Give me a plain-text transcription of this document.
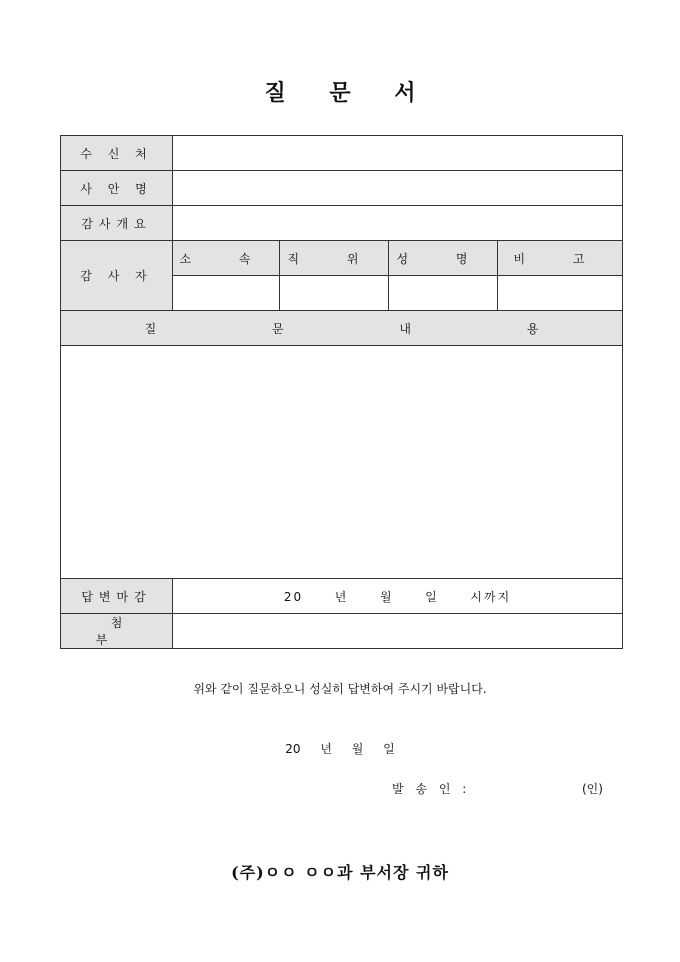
질 문 서
수 신 처				
사 안 명				
감사개요				
감 사 자	소 속	직 위	성 명	비 고

질 문 내 용				

답변마감	20  년  월  일  시까지			
첨 부				
위와 같이 질문하오니 성실히 답변하여 주시기 바랍니다.
20 년 월 일
발 송 인 :	(인)
(주)ㅇㅇ ㅇㅇ과 부서장 귀하
